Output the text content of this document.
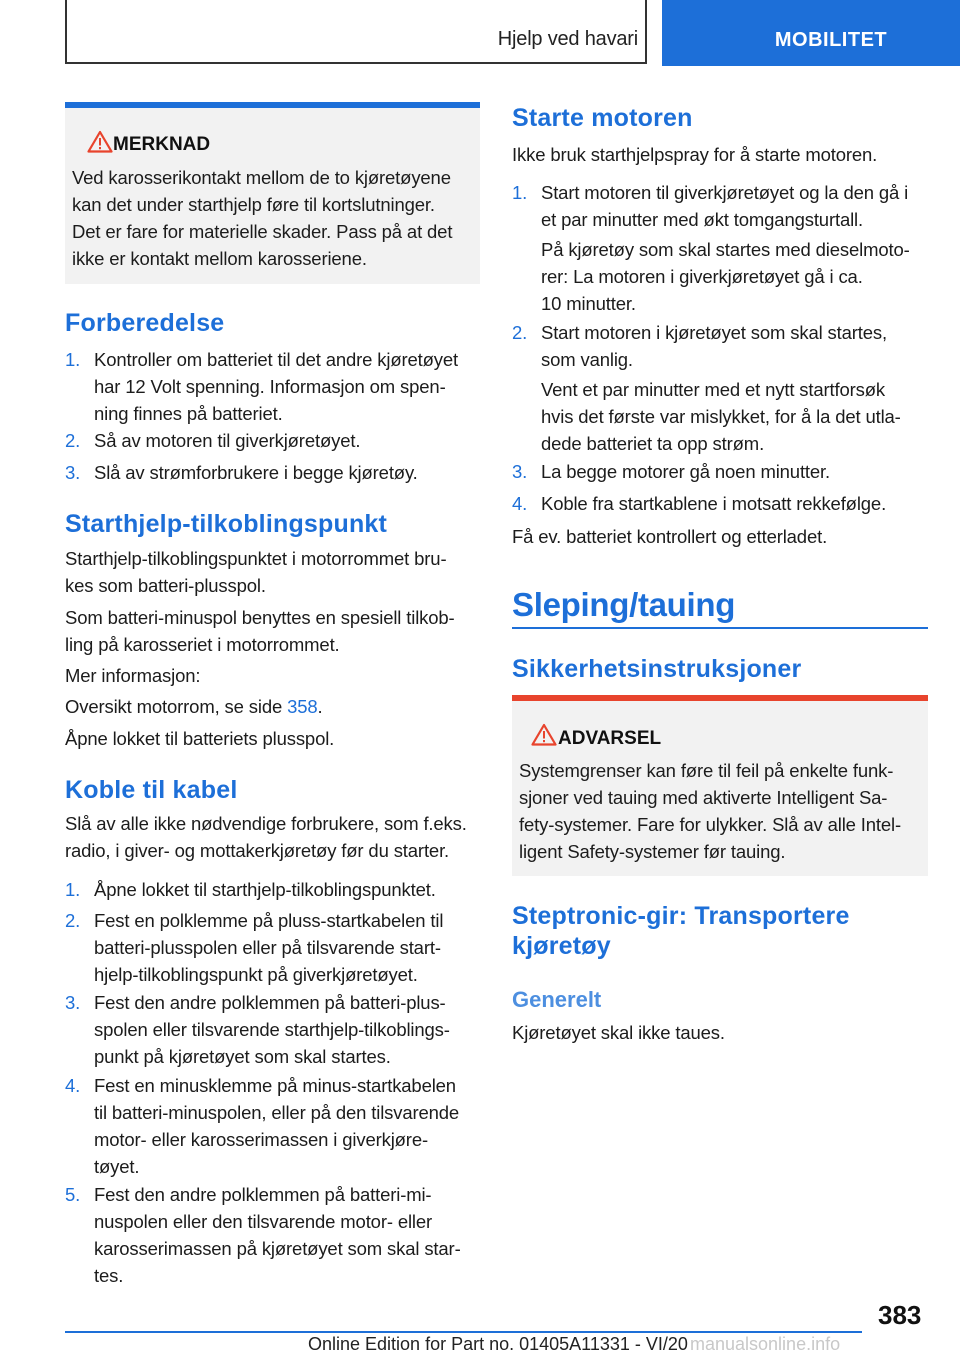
Hjelp ved havari	MOBILITET
MERKNAD
Ved karosserikontakt mellom de to kjøretøyene
kan det under starthjelp føre til kortslutninger.
Det er fare for materielle skader. Pass på at det
ikke er kontakt mellom karosseriene.
Forberedelse
1. Kontroller om batteriet til det andre kjøretøyet
har 12 Volt spenning. Informasjon om spen-
ning finnes på batteriet.
2. Så av motoren til giverkjøretøyet.
3. Slå av strømforbrukere i begge kjøretøy.
Starthjelp-tilkoblingspunkt
Starthjelp-tilkoblingspunktet i motorrommet bru-
kes som batteri-plusspol.
Som batteri-minuspol benyttes en spesiell tilkob-
ling på karosseriet i motorrommet.
Mer informasjon:
Oversikt motorrom, se side 358.
Åpne lokket til batteriets plusspol.
Koble til kabel
Slå av alle ikke nødvendige forbrukere, som f.eks.
radio, i giver- og mottakerkjøretøy før du starter.
1. Åpne lokket til starthjelp-tilkoblingspunktet.
2. Fest en polklemme på pluss-startkabelen til
batteri-plusspolen eller på tilsvarende start-
hjelp-tilkoblingspunkt på giverkjøretøyet.
3. Fest den andre polklemmen på batteri-plus-
spolen eller tilsvarende starthjelp-tilkoblings-
punkt på kjøretøyet som skal startes.
4. Fest en minusklemme på minus-startkabelen
til batteri-minuspolen, eller på den tilsvarende
motor- eller karosserimassen i giverkjøre-
tøyet.
5. Fest den andre polklemmen på batteri-mi-
nuspolen eller den tilsvarende motor- eller
karosserimassen på kjøretøyet som skal star-
tes.
Starte motoren
Ikke bruk starthjelpspray for å starte motoren.
1. Start motoren til giverkjøretøyet og la den gå i
et par minutter med økt tomgangsturtall.
På kjøretøy som skal startes med dieselmoto-
rer: La motoren i giverkjøretøyet gå i ca.
10 minutter.
2. Start motoren i kjøretøyet som skal startes,
som vanlig.
Vent et par minutter med et nytt startforsøk
hvis det første var mislykket, for å la det utla-
dede batteriet ta opp strøm.
3. La begge motorer gå noen minutter.
4. Koble fra startkablene i motsatt rekkefølge.
Få ev. batteriet kontrollert og etterladet.
Sleping/tauing
Sikkerhetsinstruksjoner
ADVARSEL
Systemgrenser kan føre til feil på enkelte funk-
sjoner ved tauing med aktiverte Intelligent Sa-
fety-systemer. Fare for ulykker. Slå av alle Intel-
ligent Safety-systemer før tauing.
Steptronic-gir: Transportere
kjøretøy
Generelt
Kjøretøyet skal ikke taues.
383
Online Edition for Part no. 01405A11331 - VI/20 manualsonline.info
